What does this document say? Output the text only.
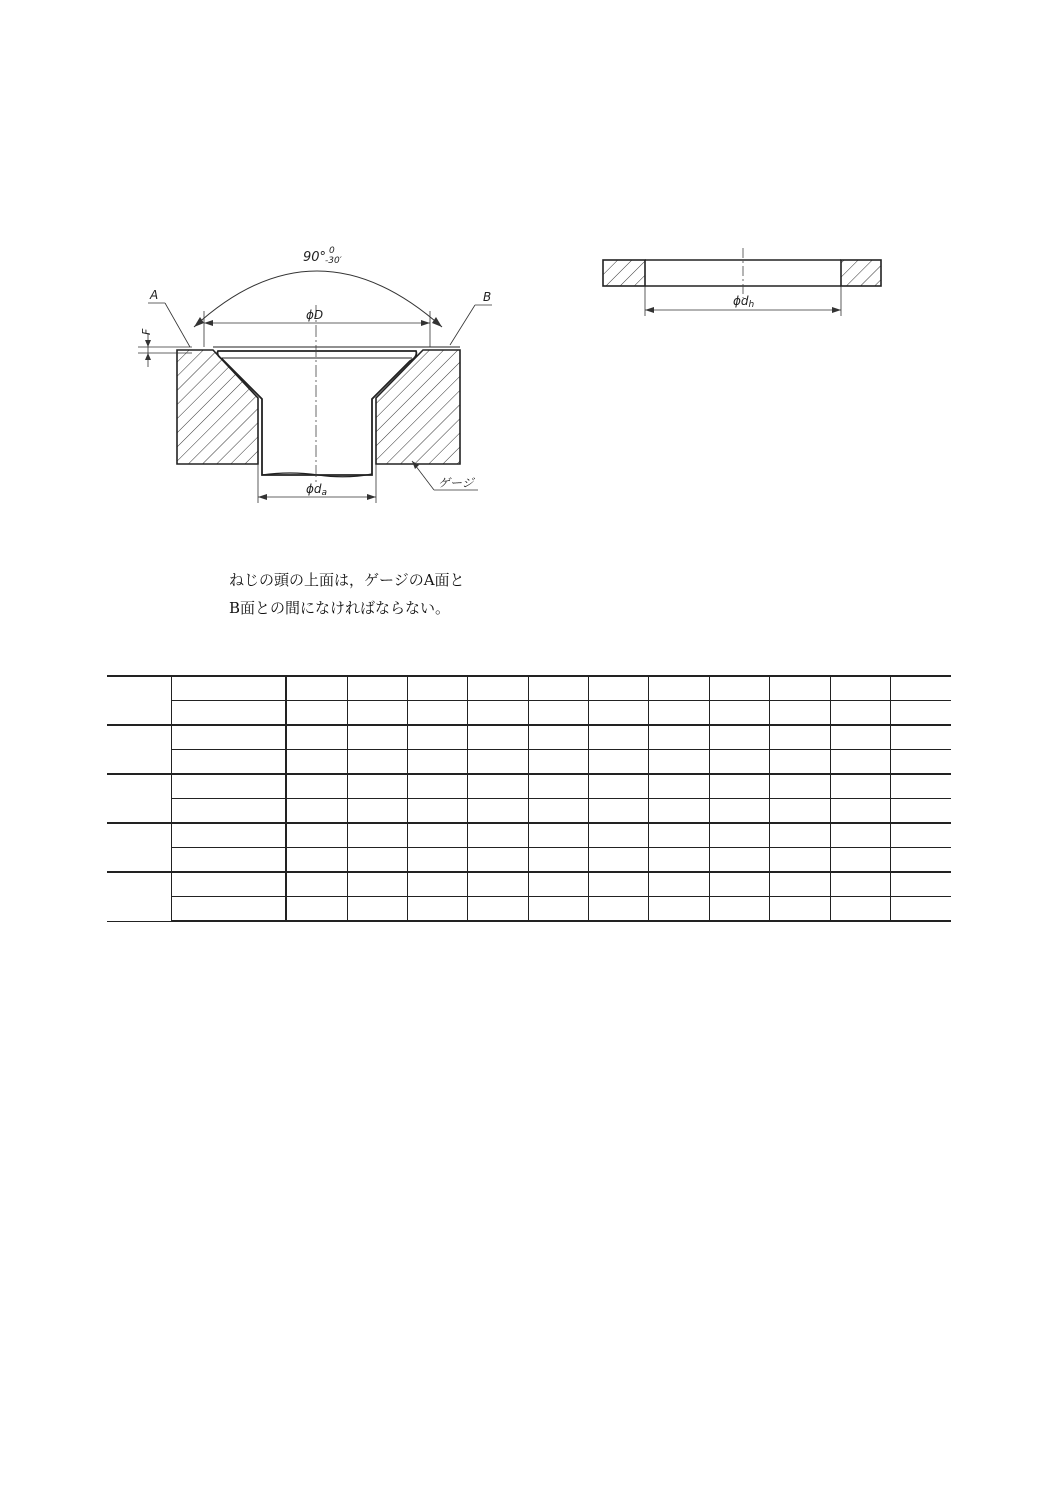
90° 0
-30′
ϕD
A	B
F
ϕda
ゲージ
ϕdh
ねじの頭の上面は，ゲージのA面と
B面との間になければならない。
